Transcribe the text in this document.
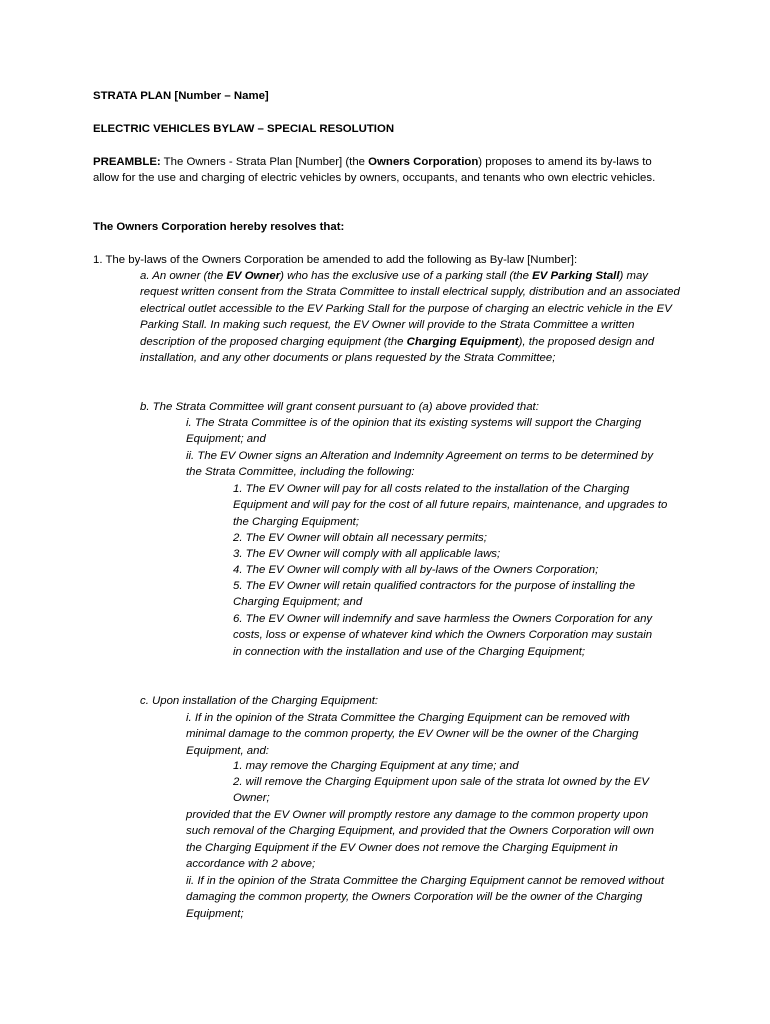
STRATA PLAN [Number – Name]

ELECTRIC VEHICLES BYLAW – SPECIAL RESOLUTION

PREAMBLE: The Owners - Strata Plan [Number] (the Owners Corporation) proposes to amend its by-laws to allow for the use and charging of electric vehicles by owners, occupants, and tenants who own electric vehicles.

The Owners Corporation hereby resolves that:

1. The by-laws of the Owners Corporation be amended to add the following as By-law [Number]:

a. An owner (the EV Owner) who has the exclusive use of a parking stall (the EV Parking Stall) may request written consent from the Strata Committee to install electrical supply, distribution and an associated electrical outlet accessible to the EV Parking Stall for the purpose of charging an electric vehicle in the EV Parking Stall. In making such request, the EV Owner will provide to the Strata Committee a written description of the proposed charging equipment (the Charging Equipment), the proposed design and installation, and any other documents or plans requested by the Strata Committee;

b. The Strata Committee will grant consent pursuant to (a) above provided that:

i. The Strata Committee is of the opinion that its existing systems will support the Charging Equipment; and

ii. The EV Owner signs an Alteration and Indemnity Agreement on terms to be determined by the Strata Committee, including the following:

1. The EV Owner will pay for all costs related to the installation of the Charging Equipment and will pay for the cost of all future repairs, maintenance, and upgrades to the Charging Equipment;

2. The EV Owner will obtain all necessary permits;

3. The EV Owner will comply with all applicable laws;

4. The EV Owner will comply with all by-laws of the Owners Corporation;

5. The EV Owner will retain qualified contractors for the purpose of installing the Charging Equipment; and

6. The EV Owner will indemnify and save harmless the Owners Corporation for any costs, loss or expense of whatever kind which the Owners Corporation may sustain in connection with the installation and use of the Charging Equipment;

c. Upon installation of the Charging Equipment:

i. If in the opinion of the Strata Committee the Charging Equipment can be removed with minimal damage to the common property, the EV Owner will be the owner of the Charging Equipment, and:

1. may remove the Charging Equipment at any time; and

2. will remove the Charging Equipment upon sale of the strata lot owned by the EV Owner;

provided that the EV Owner will promptly restore any damage to the common property upon such removal of the Charging Equipment, and provided that the Owners Corporation will own the Charging Equipment if the EV Owner does not remove the Charging Equipment in accordance with 2 above;

ii. If in the opinion of the Strata Committee the Charging Equipment cannot be removed without damaging the common property, the Owners Corporation will be the owner of the Charging Equipment;
